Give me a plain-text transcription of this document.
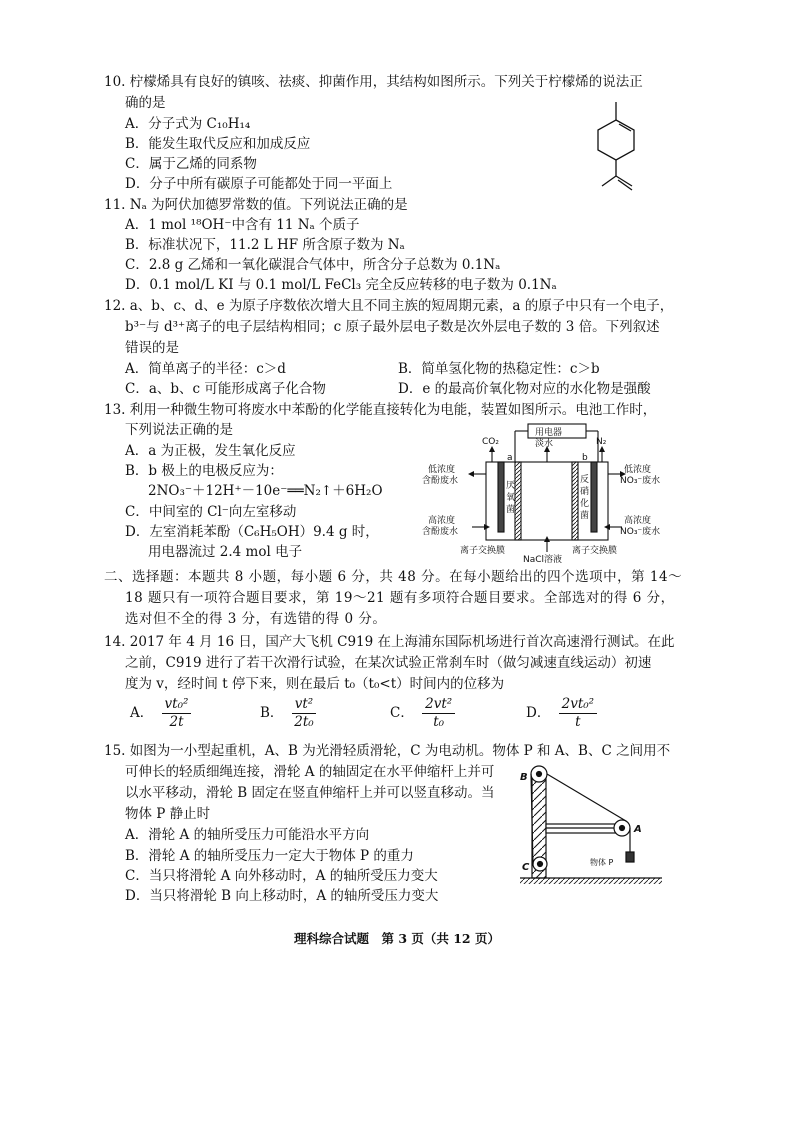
10. 柠檬烯具有良好的镇咳、祛痰、抑菌作用，其结构如图所示。下列关于柠檬烯的说法正
确的是
A．分子式为 C₁₀H₁₄
B．能发生取代反应和加成反应
C．属于乙烯的同系物
D．分子中所有碳原子可能都处于同一平面上
11. Nₐ 为阿伏加德罗常数的值。下列说法正确的是
A．1 mol ¹⁸OH⁻中含有 11 Nₐ 个质子
B．标准状况下，11.2 L HF 所含原子数为 Nₐ
C．2.8 g 乙烯和一氧化碳混合气体中，所含分子总数为 0.1Nₐ
D．0.1 mol/L KI 与 0.1 mol/L FeCl₃ 完全反应转移的电子数为 0.1Nₐ
12. a、b、c、d、e 为原子序数依次增大且不同主族的短周期元素，a 的原子中只有一个电子，
b³⁻与 d³⁺离子的电子层结构相同；c 原子最外层电子数是次外层电子数的 3 倍。下列叙述
错误的是
A．简单离子的半径：c＞d	B．简单氢化物的热稳定性：c＞b
C．a、b、c 可能形成离子化合物	D．e 的最高价氧化物对应的水化物是强酸
13. 利用一种微生物可将废水中苯酚的化学能直接转化为电能，装置如图所示。电池工作时，
下列说法正确的是
A．a 为正极，发生氧化反应
B．b 极上的电极反应为：
2NO₃⁻＋12H⁺－10e⁻══N₂↑＋6H₂O
C．中间室的 Cl⁻向左室移动
D．左室消耗苯酚（C₆H₅OH）9.4 g 时，
用电器流过 2.4 mol 电子
用电器
CO₂	淡水	N₂
a	b
低浓度
含酚废水
低浓度
NO₃⁻废水
高浓度
含酚废水
高浓度
NO₃⁻废水
厌
氧
菌
反
硝
化
菌
离子交换膜
NaCl溶液
离子交换膜
二、选择题：本题共 8 小题，每小题 6 分，共 48 分。在每小题给出的四个选项中，第 14～
18 题只有一项符合题目要求，第 19～21 题有多项符合题目要求。全部选对的得 6 分，
选对但不全的得 3 分，有选错的得 0 分。
14. 2017 年 4 月 16 日，国产大飞机 C919 在上海浦东国际机场进行首次高速滑行测试。在此
之前，C919 进行了若干次滑行试验，在某次试验正常刹车时（做匀减速直线运动）初速
度为 v，经时间 t 停下来，则在最后 t₀（t₀<t）时间内的位移为
A． $\frac{\text{vt₀²}}{2t}$	B． $\frac{\text{vt²}}{\text{2t₀}}$	C． $\frac{\text{2vt²}}{\text{t₀}}$	D． $\frac{\text{2vt₀²}}{t}$
15. 如图为一小型起重机，A、B 为光滑轻质滑轮，C 为电动机。物体 P 和 A、B、C 之间用不
可伸长的轻质细绳连接，滑轮 A 的轴固定在水平伸缩杆上并可
以水平移动，滑轮 B 固定在竖直伸缩杆上并可以竖直移动。当
物体 P 静止时
A．滑轮 A 的轴所受压力可能沿水平方向
B．滑轮 A 的轴所受压力一定大于物体 P 的重力
C．当只将滑轮 A 向外移动时，A 的轴所受压力变大
D．当只将滑轮 B 向上移动时，A 的轴所受压力变大
B
A
C	物体 P
理科综合试题　第 3 页（共 12 页）
